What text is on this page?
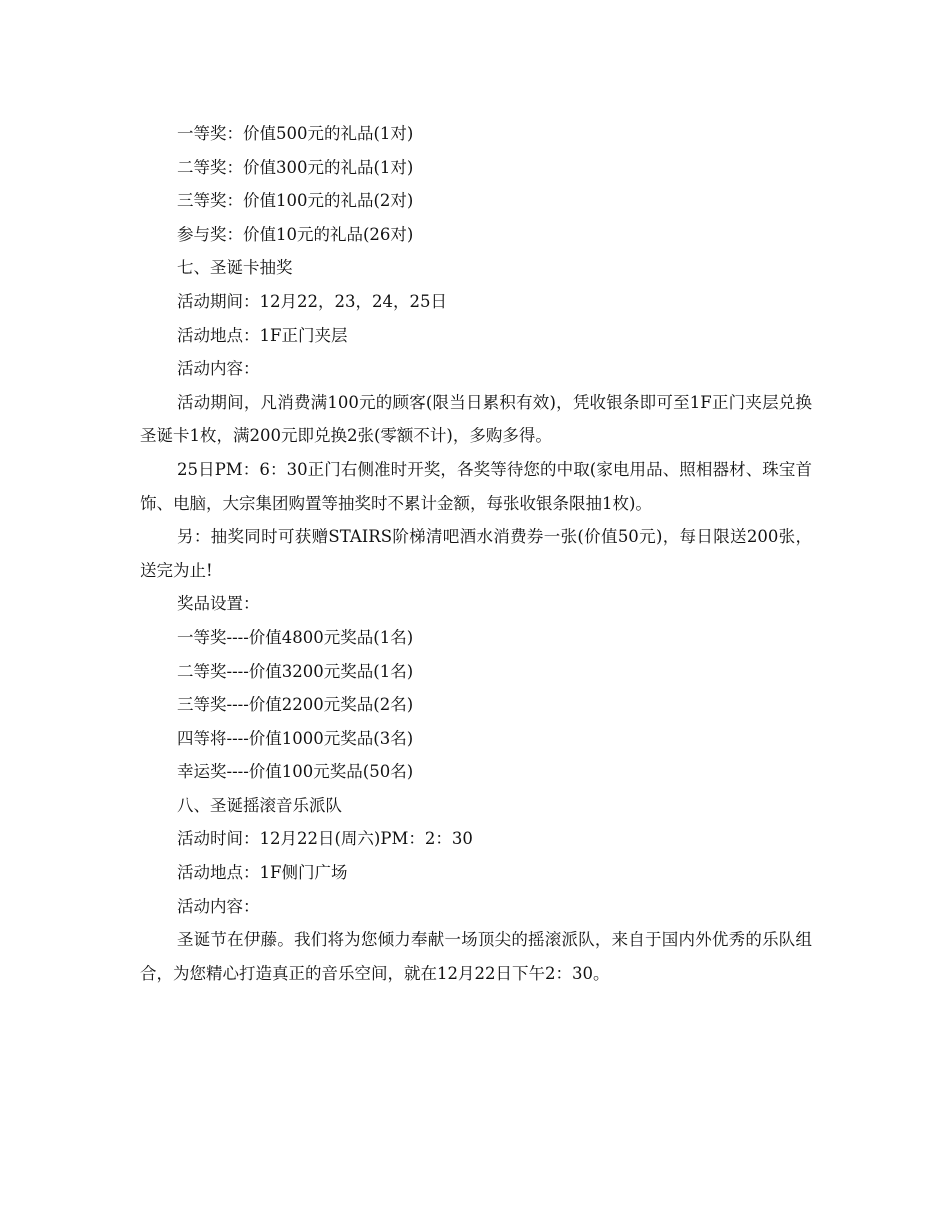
一等奖：价值500元的礼品(1对)

二等奖：价值300元的礼品(1对)

三等奖：价值100元的礼品(2对)

参与奖：价值10元的礼品(26对)

七、圣诞卡抽奖

活动期间：12月22，23，24，25日

活动地点：1F正门夹层

活动内容：

活动期间，凡消费满100元的顾客(限当日累积有效)，凭收银条即可至1F正门夹层兑换圣诞卡1枚，满200元即兑换2张(零额不计)，多购多得。

25日PM：6：30正门右侧准时开奖，各奖等待您的中取(家电用品、照相器材、珠宝首饰、电脑，大宗集团购置等抽奖时不累计金额，每张收银条限抽1枚)。

另：抽奖同时可获赠STAIRS阶梯清吧酒水消费券一张(价值50元)，每日限送200张，送完为止!

奖品设置：

一等奖----价值4800元奖品(1名)

二等奖----价值3200元奖品(1名)

三等奖----价值2200元奖品(2名)

四等将----价值1000元奖品(3名)

幸运奖----价值100元奖品(50名)

八、圣诞摇滚音乐派队

活动时间：12月22日(周六)PM：2：30

活动地点：1F侧门广场

活动内容：

圣诞节在伊藤。我们将为您倾力奉献一场顶尖的摇滚派队，来自于国内外优秀的乐队组合，为您精心打造真正的音乐空间，就在12月22日下午2：30。
